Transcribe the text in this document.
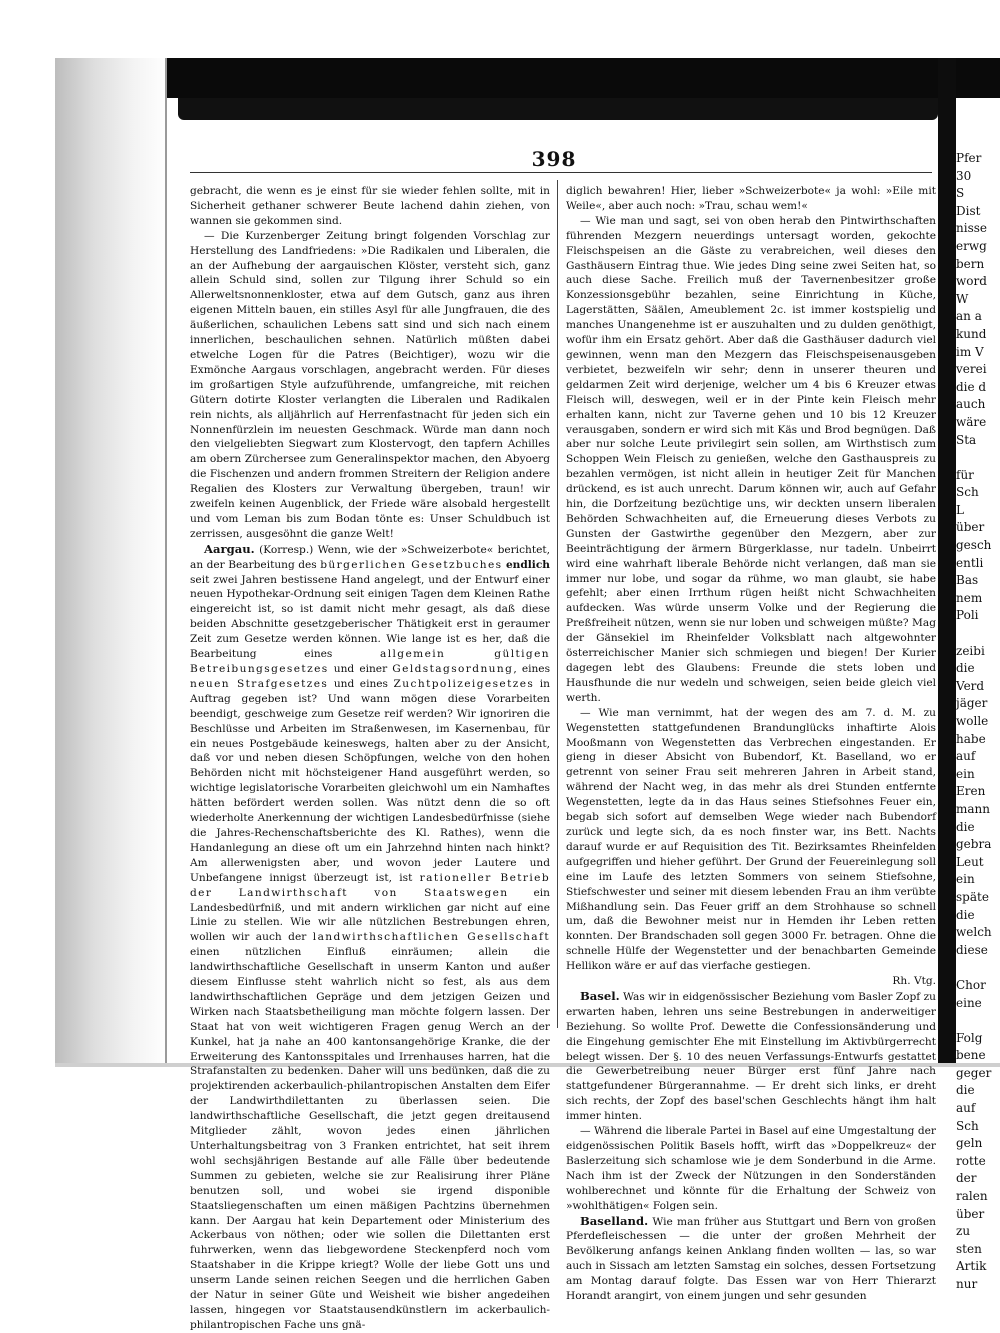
398

gebracht, die wenn es je einst für sie wieder fehlen sollte, mit in Sicherheit gethaner schwerer Beute lachend dahin ziehen, von wannen sie gekommen sind.

— Die Kurzenberger Zeitung bringt folgenden Vorschlag zur Herstellung des Landfriedens: »Die Radikalen und Liberalen, die an der Aufhebung der aargauischen Klöster, versteht sich, ganz allein Schuld sind, sollen zur Tilgung ihrer Schuld so ein Allerweltsnonnenkloster, etwa auf dem Gutsch, ganz aus ihren eigenen Mitteln bauen, ein stilles Asyl für alle Jungfrauen, die des äußerlichen, schaulichen Lebens satt sind und sich nach einem innerlichen, beschaulichen sehnen. Natürlich müßten dabei etwelche Logen für die Patres (Beichtiger), wozu wir die Exmönche Aargaus vorschlagen, angebracht werden. Für dieses im großartigen Style aufzuführende, umfangreiche, mit reichen Gütern dotirte Kloster verlangten die Liberalen und Radikalen rein nichts, als alljährlich auf Herrenfastnacht für jeden sich ein Nonnenfürzlein im neuesten Geschmack. Würde man dann noch den vielgeliebten Siegwart zum Klostervogt, den tapfern Achilles am obern Zürchersee zum Generalinspektor machen, den Abyoerg die Fischenzen und andern frommen Streitern der Religion andere Regalien des Klosters zur Verwaltung übergeben, traun! wir zweifeln keinen Augenblick, der Friede wäre alsobald hergestellt und vom Leman bis zum Bodan tönte es: Unser Schuldbuch ist zerrissen, ausgesöhnt die ganze Welt!

Aargau. (Korresp.) Wenn, wie der »Schweizerbote« berichtet, an der Bearbeitung des bürgerlichen Gesetzbuches endlich seit zwei Jahren bestissene Hand angelegt, und der Entwurf einer neuen Hypothekar-Ordnung seit einigen Tagen dem Kleinen Rathe eingereicht ist, so ist damit nicht mehr gesagt, als daß diese beiden Abschnitte gesetzgeberischer Thätigkeit erst in geraumer Zeit zum Gesetze werden können. Wie lange ist es her, daß die Bearbeitung eines	allgemein gültigen Betreibungsgesetzes und einer Geldstagsordnung, eines neuen Strafgesetzes und eines Zuchtpolizeigesetzes in Auftrag gegeben ist? Und wann mögen diese Vorarbeiten beendigt, geschweige zum Gesetze reif werden? Wir ignoriren die Beschlüsse und Arbeiten im Straßenwesen, im Kasernenbau, für ein neues Postgebäude keineswegs, halten aber zu der Ansicht, daß vor und neben diesen Schöpfungen, welche von den hohen Behörden nicht mit höchsteigener Hand ausgeführt werden, so wichtige legislatorische Vorarbeiten gleichwohl um ein Namhaftes hätten befördert werden sollen. Was nützt denn die so oft wiederholte Anerkennung der wichtigen Landesbedürfnisse (siehe die Jahres-Rechenschaftsberichte des Kl. Rathes), wenn die Handanlegung an diese oft um ein Jahrzehnd hinten nach hinkt? Am allerwenigsten aber, und wovon jeder Lautere und Unbefangene innigst überzeugt ist, ist rationeller Betrieb der Landwirthschaft von Staatswegen ein Landesbedürfniß, und mit andern wirklichen gar nicht auf eine Linie zu stellen. Wie wir alle nützlichen Bestrebungen ehren, wollen wir auch der landwirthschaftlichen Gesellschaft einen nützlichen Einfluß einräumen; allein die landwirthschaftliche Gesellschaft in unserm Kanton und außer diesem Einflusse steht wahrlich nicht so fest, als aus dem landwirthschaftlichen Gepräge und dem jetzigen Geizen und Wirken nach Staatsbetheiligung man möchte folgern lassen. Der Staat hat von weit wichtigeren Fragen genug Werch an der Kunkel, hat ja nahe an 400 kantonsangehörige Kranke, die der Erweiterung des Kantonsspitales und Irrenhauses harren, hat die Strafanstalten zu bedenken. Daher will uns bedünken, daß die zu projektirenden ackerbaulich-philantropischen Anstalten dem Eifer der Landwirthdilettanten zu überlassen seien. Die landwirthschaftliche Gesellschaft, die jetzt gegen dreitausend Mitglieder zählt, wovon jedes einen jährlichen Unterhaltungsbeitrag von 3 Franken entrichtet, hat seit ihrem wohl sechsjährigen Bestande auf alle Fälle über bedeutende Summen zu gebieten, welche sie zur Realisirung ihrer Pläne benutzen soll, und wobei sie irgend disponible Staatsliegenschaften um einen mäßigen Pachtzins übernehmen kann. Der Aargau hat kein Departement oder Ministerium des Ackerbaus von nöthen; oder wie sollen die Dilettanten erst fuhrwerken, wenn das liebgewordene Steckenpferd noch vom Staatshaber in die Krippe kriegt? Wolle der liebe Gott uns und unserm Lande seinen reichen Seegen und die herrlichen Gaben der Natur in seiner Güte und Weisheit wie bisher angedeihen lassen, hingegen vor Staatstausendkünstlern im ackerbaulich-philantropischen Fache uns gnä-

diglich bewahren! Hier, lieber »Schweizerbote« ja wohl: »Eile mit Weile«, aber auch noch: »Trau, schau wem!«

— Wie man und sagt, sei von oben herab den Pintwirthschaften führenden Mezgern neuerdings untersagt worden, gekochte Fleischspeisen an die Gäste zu verabreichen, weil dieses den Gasthäusern Eintrag thue. Wie jedes Ding seine zwei Seiten hat, so auch diese Sache. Freilich muß der Tavernenbesitzer große Konzessionsgebühr bezahlen, seine Einrichtung in Küche, Lagerstätten, Säälen, Ameublement 2c. ist immer kostspielig und manches Unangenehme ist er auszuhalten und zu dulden genöthigt, wofür ihm ein Ersatz gehört. Aber daß die Gasthäuser dadurch viel gewinnen, wenn man den Mezgern das Fleischspeisenausgeben verbietet, bezweifeln wir sehr; denn in unserer theuren und geldarmen Zeit wird derjenige, welcher um 4 bis 6 Kreuzer etwas Fleisch will, deswegen, weil er in der Pinte kein Fleisch mehr erhalten kann, nicht zur Taverne gehen und 10 bis 12 Kreuzer verausgaben, sondern er wird sich mit Käs und Brod begnügen. Daß aber nur solche Leute privilegirt sein sollen, am Wirthstisch zum Schoppen Wein Fleisch zu genießen, welche den Gasthauspreis zu bezahlen vermögen, ist nicht allein in heutiger Zeit für Manchen drückend, es ist auch unrecht. Darum können wir, auch auf Gefahr hin, die Dorfzeitung bezüchtige uns, wir deckten unsern liberalen Behörden Schwachheiten auf, die Erneuerung dieses Verbots zu Gunsten der Gastwirthe gegenüber den Mezgern, aber zur Beeinträchtigung der ärmern Bürgerklasse, nur tadeln. Unbeirrt wird eine wahrhaft liberale Behörde nicht verlangen, daß man sie immer nur lobe, und sogar da rühme, wo man glaubt, sie habe gefehlt; aber einen Irrthum rügen heißt nicht Schwachheiten aufdecken. Was würde unserm Volke und der Regierung die Preßfreiheit nützen, wenn sie nur loben und schweigen müßte? Mag der Gänsekiel im Rheinfelder Volksblatt nach altgewohnter österreichischer Manier sich schmiegen und biegen! Der Kurier dagegen lebt des Glaubens: Freunde die stets loben und Hausfhunde die nur wedeln und schweigen, seien beide gleich viel werth.

— Wie man vernimmt, hat der wegen des am 7. d. M. zu Wegenstetten stattgefundenen Brandunglücks inhaftirte Alois Mooßmann von Wegenstetten das Verbrechen eingestanden. Er gieng in dieser Absicht von Bubendorf, Kt. Baselland, wo er getrennt von seiner Frau seit mehreren Jahren in Arbeit stand, während der Nacht weg, in das mehr als drei Stunden entfernte Wegenstetten, legte da in das Haus seines Stiefsohnes Feuer ein, begab sich sofort auf demselben Wege wieder nach Bubendorf zurück und legte sich, da es noch finster war, ins Bett. Nachts darauf wurde er auf Requisition des Tit. Bezirksamtes Rheinfelden aufgegriffen und hieher geführt. Der Grund der Feuereinlegung soll eine im Laufe des letzten Sommers von seinem Stiefsohne, Stiefschwester und seiner mit diesem lebenden Frau an ihm verübte Mißhandlung sein. Das Feuer griff an dem Strohhause so schnell um, daß die Bewohner meist nur in Hemden ihr Leben retten konnten. Der Brandschaden soll gegen 3000 Fr. betragen. Ohne die schnelle Hülfe der Wegenstetter und der benachbarten Gemeinde Hellikon wäre er auf das vierfache gestiegen.
Rh. Vtg.

Basel. Was wir in eidgenössischer Beziehung vom Basler Zopf zu erwarten haben, lehren uns seine Bestrebungen in anderweitiger Beziehung. So wollte Prof. Dewette die Confessionsänderung und die Eingehung gemischter Ehe mit Einstellung im Aktivbürgerrecht belegt wissen. Der §. 10 des neuen Verfassungs-Entwurfs gestattet die Gewerbetreibung neuer Bürger erst fünf Jahre nach stattgefundener Bürgerannahme. — Er dreht sich links, er dreht sich rechts, der Zopf des basel'schen Geschlechts hängt ihm halt immer hinten.

— Während die liberale Partei in Basel auf eine Umgestaltung der eidgenössischen Politik Basels hofft, wirft das »Doppelkreuz« der Baslerzeitung sich schamlose wie je dem Sonderbund in die Arme. Nach ihm ist der Zweck der Nützungen in den Sonderständen wohlberechnet und könnte für die Erhaltung der Schweiz von »wohlthätigen« Folgen sein.

Baselland. Wie man früher aus Stuttgart und Bern von großen Pferdefleischessen — die unter der großen Mehrheit der Bevölkerung anfangs keinen Anklang finden wollten — las, so war auch in Sissach am letzten Samstag ein solches, dessen Fortsetzung am Montag darauf folgte. Das Essen war von Herr Thierarzt Horandt arangirt, von einem jungen und sehr gesunden

Pfer
30
S
Dist
nisse
erwg
bern
word
W
an a
kund
im V
verei
die d
auch
wäre
Sta

für
Sch
L
über
gesch
entli
Bas
nem
Poli

zeibi
die
Verd
jäger
wolle
habe
auf
ein
Eren
mann
die
gebra
Leut
ein
späte
die
welch
diese

Chor
eine

Folg
bene
geger
die
auf
Sch
geln
rotte
der
ralen
über
zu
sten
Artik
nur
